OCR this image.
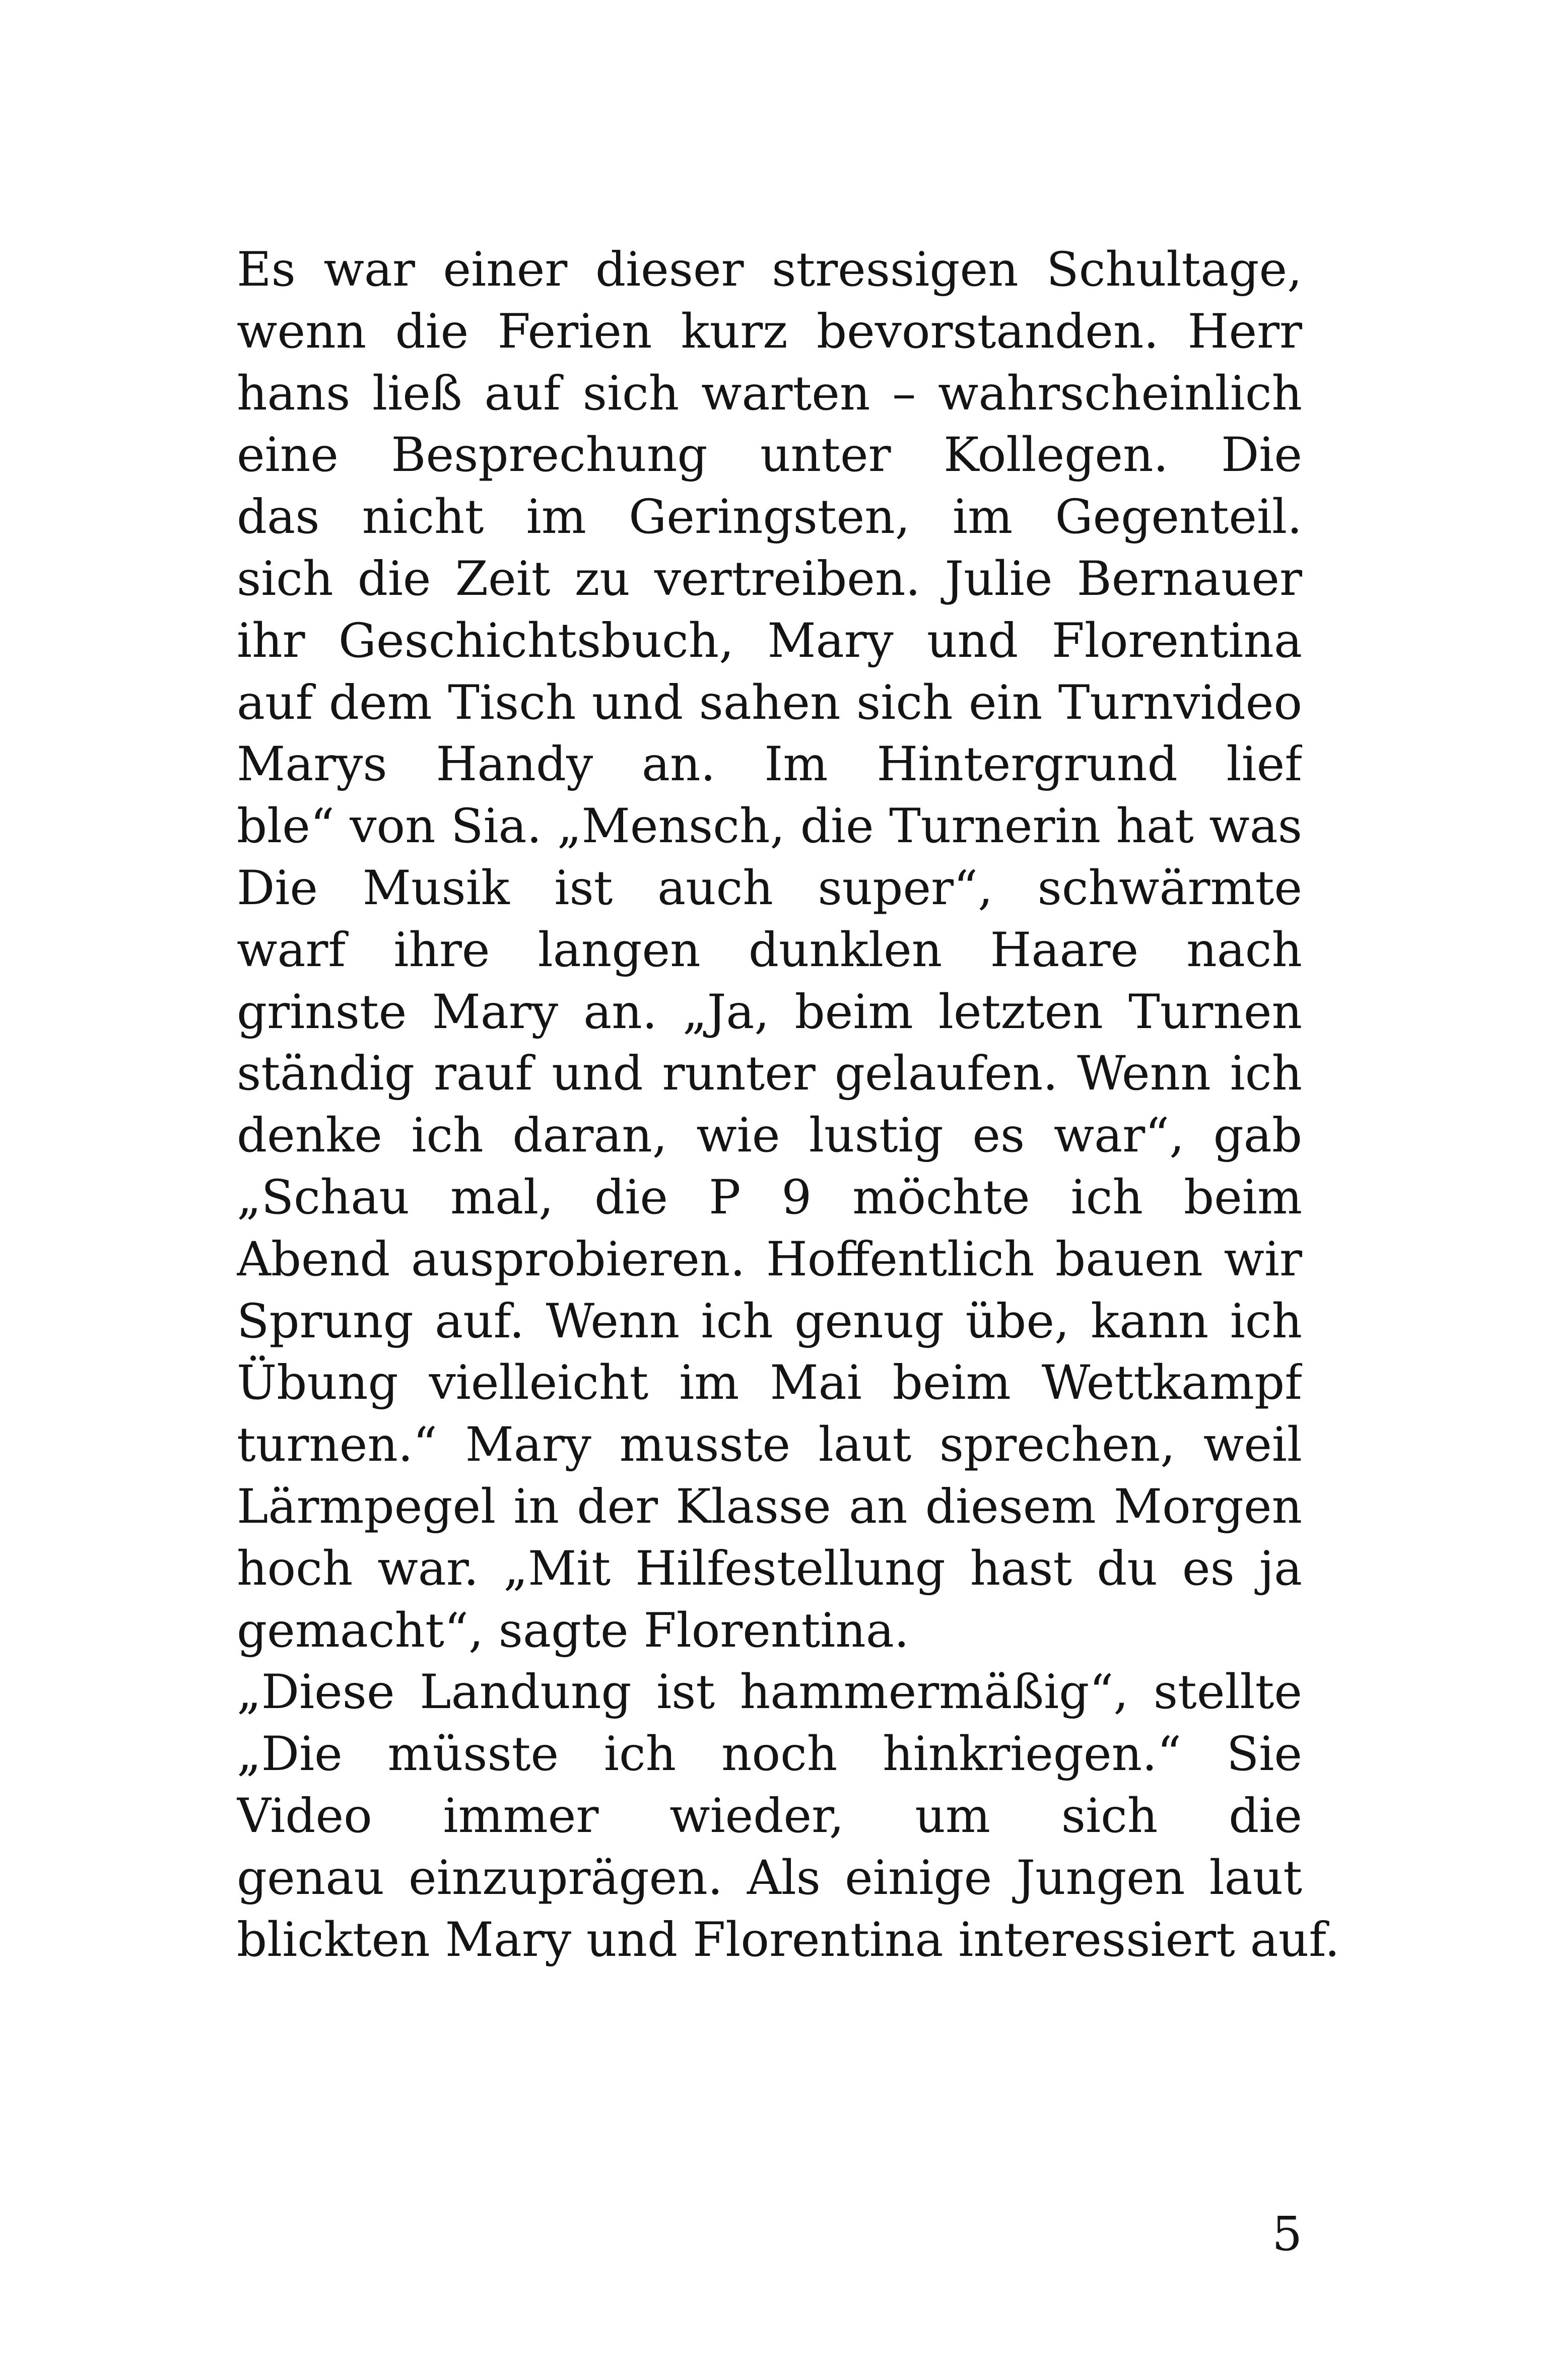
Es war einer dieser stressigen Schultage,
wenn die Ferien kurz bevorstanden. Herr
hans ließ auf sich warten – wahrscheinlich
eine Besprechung unter Kollegen. Die
das nicht im Geringsten, im Gegenteil.
sich die Zeit zu vertreiben. Julie Bernauer
ihr Geschichtsbuch, Mary und Florentina
auf dem Tisch und sahen sich ein Turnvideo
Marys Handy an. Im Hintergrund lief
ble“ von Sia. „Mensch, die Turnerin hat was
Die Musik ist auch super“, schwärmte
warf ihre langen dunklen Haare nach
grinste Mary an. „Ja, beim letzten Turnen
ständig rauf und runter gelaufen. Wenn ich
denke ich daran, wie lustig es war“, gab
„Schau mal, die P 9 möchte ich beim
Abend ausprobieren. Hoffentlich bauen wir
Sprung auf. Wenn ich genug übe, kann ich
Übung vielleicht im Mai beim Wettkampf
turnen.“ Mary musste laut sprechen, weil
Lärmpegel in der Klasse an diesem Morgen
hoch war. „Mit Hilfestellung hast du es ja
gemacht“, sagte Florentina.
„Diese Landung ist hammermäßig“, stellte
„Die müsste ich noch hinkriegen.“ Sie
Video immer wieder, um sich die
genau einzuprägen. Als einige Jungen laut
blickten Mary und Florentina interessiert auf.
5
